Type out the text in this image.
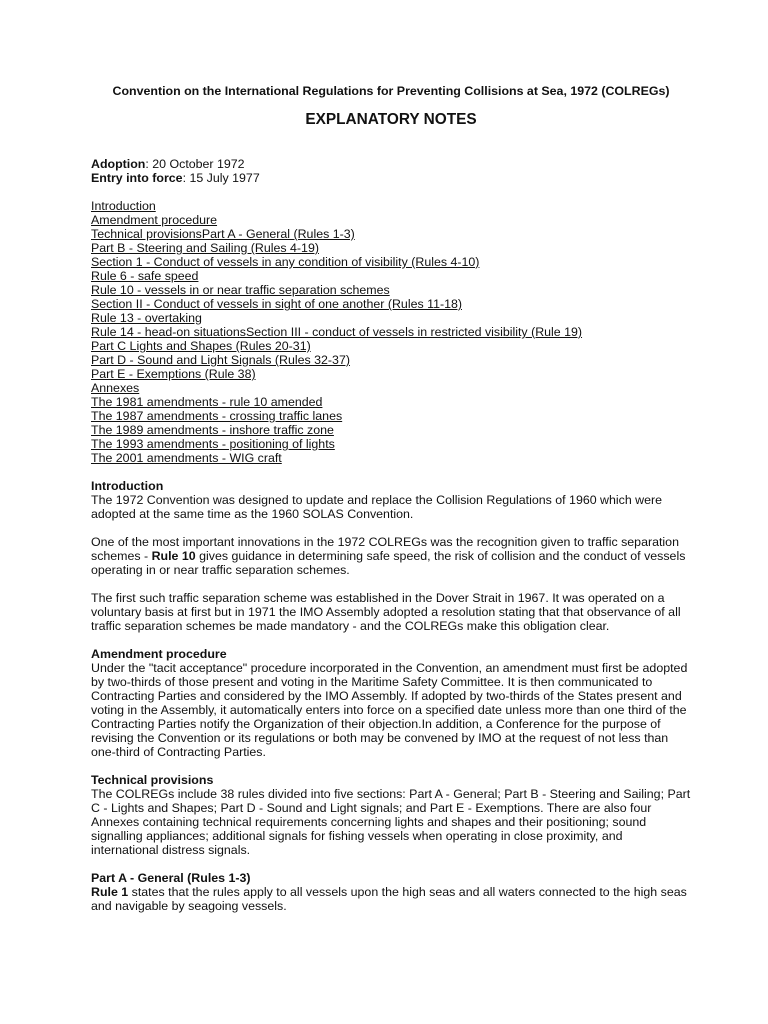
Convention on the International Regulations for Preventing Collisions at Sea, 1972 (COLREGs)
EXPLANATORY NOTES

Adoption: 20 October 1972

Entry into force: 15 July 1977

Introduction
Amendment procedure
Technical provisionsPart A - General (Rules 1-3)
Part B - Steering and Sailing (Rules 4-19)
Section 1 - Conduct of vessels in any condition of visibility (Rules 4-10)
Rule 6 - safe speed
Rule 10 - vessels in or near traffic separation schemes
Section II - Conduct of vessels in sight of one another (Rules 11-18)
Rule 13 - overtaking
Rule 14 - head-on situationsSection III - conduct of vessels in restricted visibility (Rule 19)
Part C Lights and Shapes (Rules 20-31)
Part D - Sound and Light Signals (Rules 32-37)
Part E - Exemptions (Rule 38)
Annexes
The 1981 amendments - rule 10 amended
The 1987 amendments - crossing traffic lanes
The 1989 amendments - inshore traffic zone
The 1993 amendments - positioning of lights
The 2001 amendments - WIG craft
Introduction

The 1972 Convention was designed to update and replace the Collision Regulations of 1960 which were adopted at the same time as the 1960 SOLAS Convention.

One of the most important innovations in the 1972 COLREGs was the recognition given to traffic separation schemes - Rule 10 gives guidance in determining safe speed, the risk of collision and the conduct of vessels operating in or near traffic separation schemes.

The first such traffic separation scheme was established in the Dover Strait in 1967. It was operated on a voluntary basis at first but in 1971 the IMO Assembly adopted a resolution stating that that observance of all traffic separation schemes be made mandatory - and the COLREGs make this obligation clear.

Amendment procedure

Under the "tacit acceptance" procedure incorporated in the Convention, an amendment must first be adopted by two-thirds of those present and voting in the Maritime Safety Committee. It is then communicated to Contracting Parties and considered by the IMO Assembly. If adopted by two-thirds of the States present and voting in the Assembly, it automatically enters into force on a specified date unless more than one third of the Contracting Parties notify the Organization of their objection.In addition, a Conference for the purpose of revising the Convention or its regulations or both may be convened by IMO at the request of not less than one-third of Contracting Parties.

Technical provisions

The COLREGs include 38 rules divided into five sections: Part A - General; Part B - Steering and Sailing; Part C - Lights and Shapes; Part D - Sound and Light signals; and Part E - Exemptions. There are also four Annexes containing technical requirements concerning lights and shapes and their positioning; sound signalling appliances; additional signals for fishing vessels when operating in close proximity, and international distress signals.

Part A - General (Rules 1-3)

Rule 1 states that the rules apply to all vessels upon the high seas and all waters connected to the high seas and navigable by seagoing vessels.
